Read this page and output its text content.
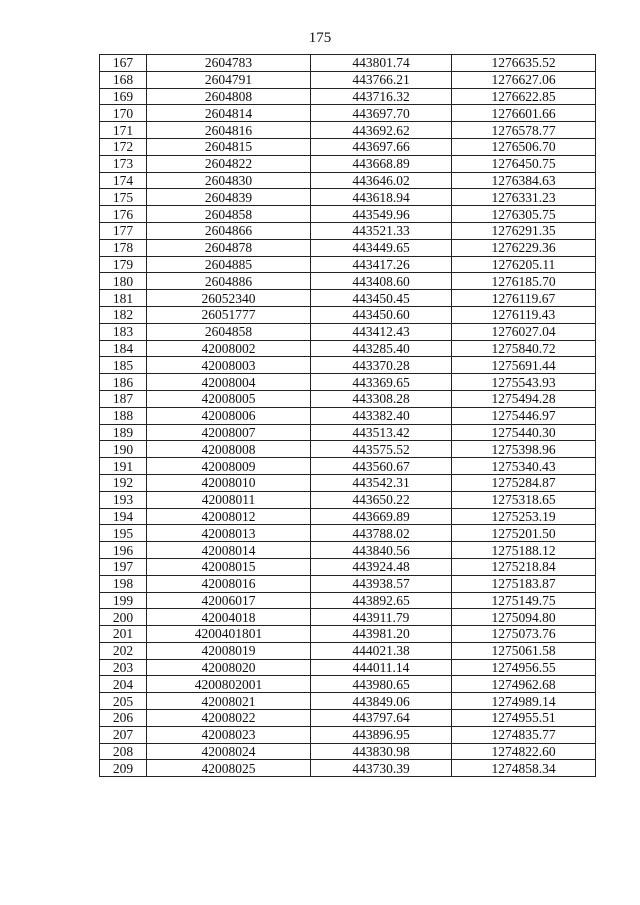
175
167	2604783	443801.74	1276635.52
168	2604791	443766.21	1276627.06
169	2604808	443716.32	1276622.85
170	2604814	443697.70	1276601.66
171	2604816	443692.62	1276578.77
172	2604815	443697.66	1276506.70
173	2604822	443668.89	1276450.75
174	2604830	443646.02	1276384.63
175	2604839	443618.94	1276331.23
176	2604858	443549.96	1276305.75
177	2604866	443521.33	1276291.35
178	2604878	443449.65	1276229.36
179	2604885	443417.26	1276205.11
180	2604886	443408.60	1276185.70
181	26052340	443450.45	1276119.67
182	26051777	443450.60	1276119.43
183	2604858	443412.43	1276027.04
184	42008002	443285.40	1275840.72
185	42008003	443370.28	1275691.44
186	42008004	443369.65	1275543.93
187	42008005	443308.28	1275494.28
188	42008006	443382.40	1275446.97
189	42008007	443513.42	1275440.30
190	42008008	443575.52	1275398.96
191	42008009	443560.67	1275340.43
192	42008010	443542.31	1275284.87
193	42008011	443650.22	1275318.65
194	42008012	443669.89	1275253.19
195	42008013	443788.02	1275201.50
196	42008014	443840.56	1275188.12
197	42008015	443924.48	1275218.84
198	42008016	443938.57	1275183.87
199	42006017	443892.65	1275149.75
200	42004018	443911.79	1275094.80
201	4200401801	443981.20	1275073.76
202	42008019	444021.38	1275061.58
203	42008020	444011.14	1274956.55
204	4200802001	443980.65	1274962.68
205	42008021	443849.06	1274989.14
206	42008022	443797.64	1274955.51
207	42008023	443896.95	1274835.77
208	42008024	443830.98	1274822.60
209	42008025	443730.39	1274858.34
